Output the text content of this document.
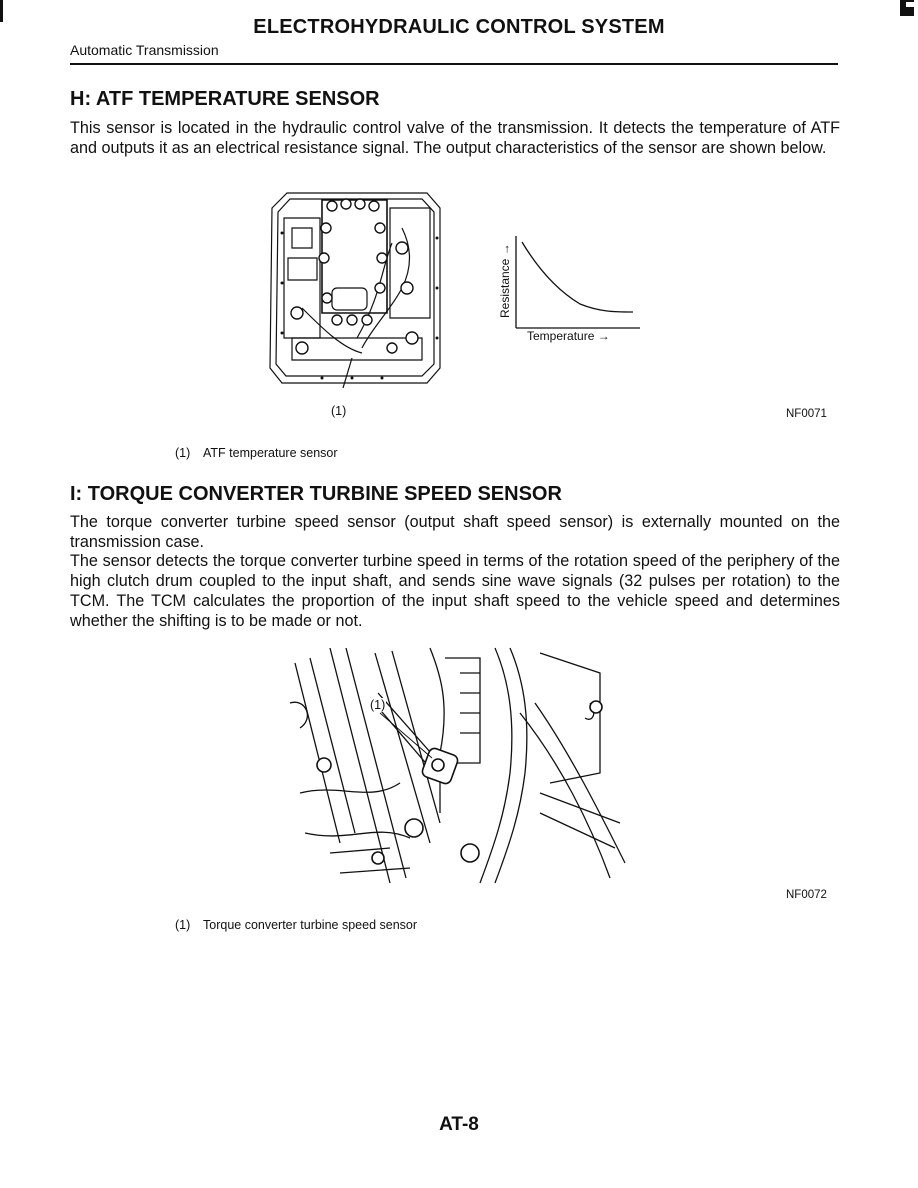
ELECTROHYDRAULIC CONTROL SYSTEM
Automatic Transmission
H: ATF TEMPERATURE SENSOR
This sensor is located in the hydraulic control valve of the transmission. It detects the temperature of ATF and outputs it as an electrical resistance signal. The output characteristics of the sensor are shown below.
(1)
Resistance →
Temperature →
NF0071
(1) ATF temperature sensor
I: TORQUE CONVERTER TURBINE SPEED SENSOR
The torque converter turbine speed sensor (output shaft speed sensor) is externally mounted on the transmission case.
The sensor detects the torque converter turbine speed in terms of the rotation speed of the periphery of the high clutch drum coupled to the input shaft, and sends sine wave signals (32 pulses per rotation) to the TCM. The TCM calculates the proportion of the input shaft speed to the vehicle speed and determines whether the shifting is to be made or not.
(1)
NF0072
(1) Torque converter turbine speed sensor
AT-8
